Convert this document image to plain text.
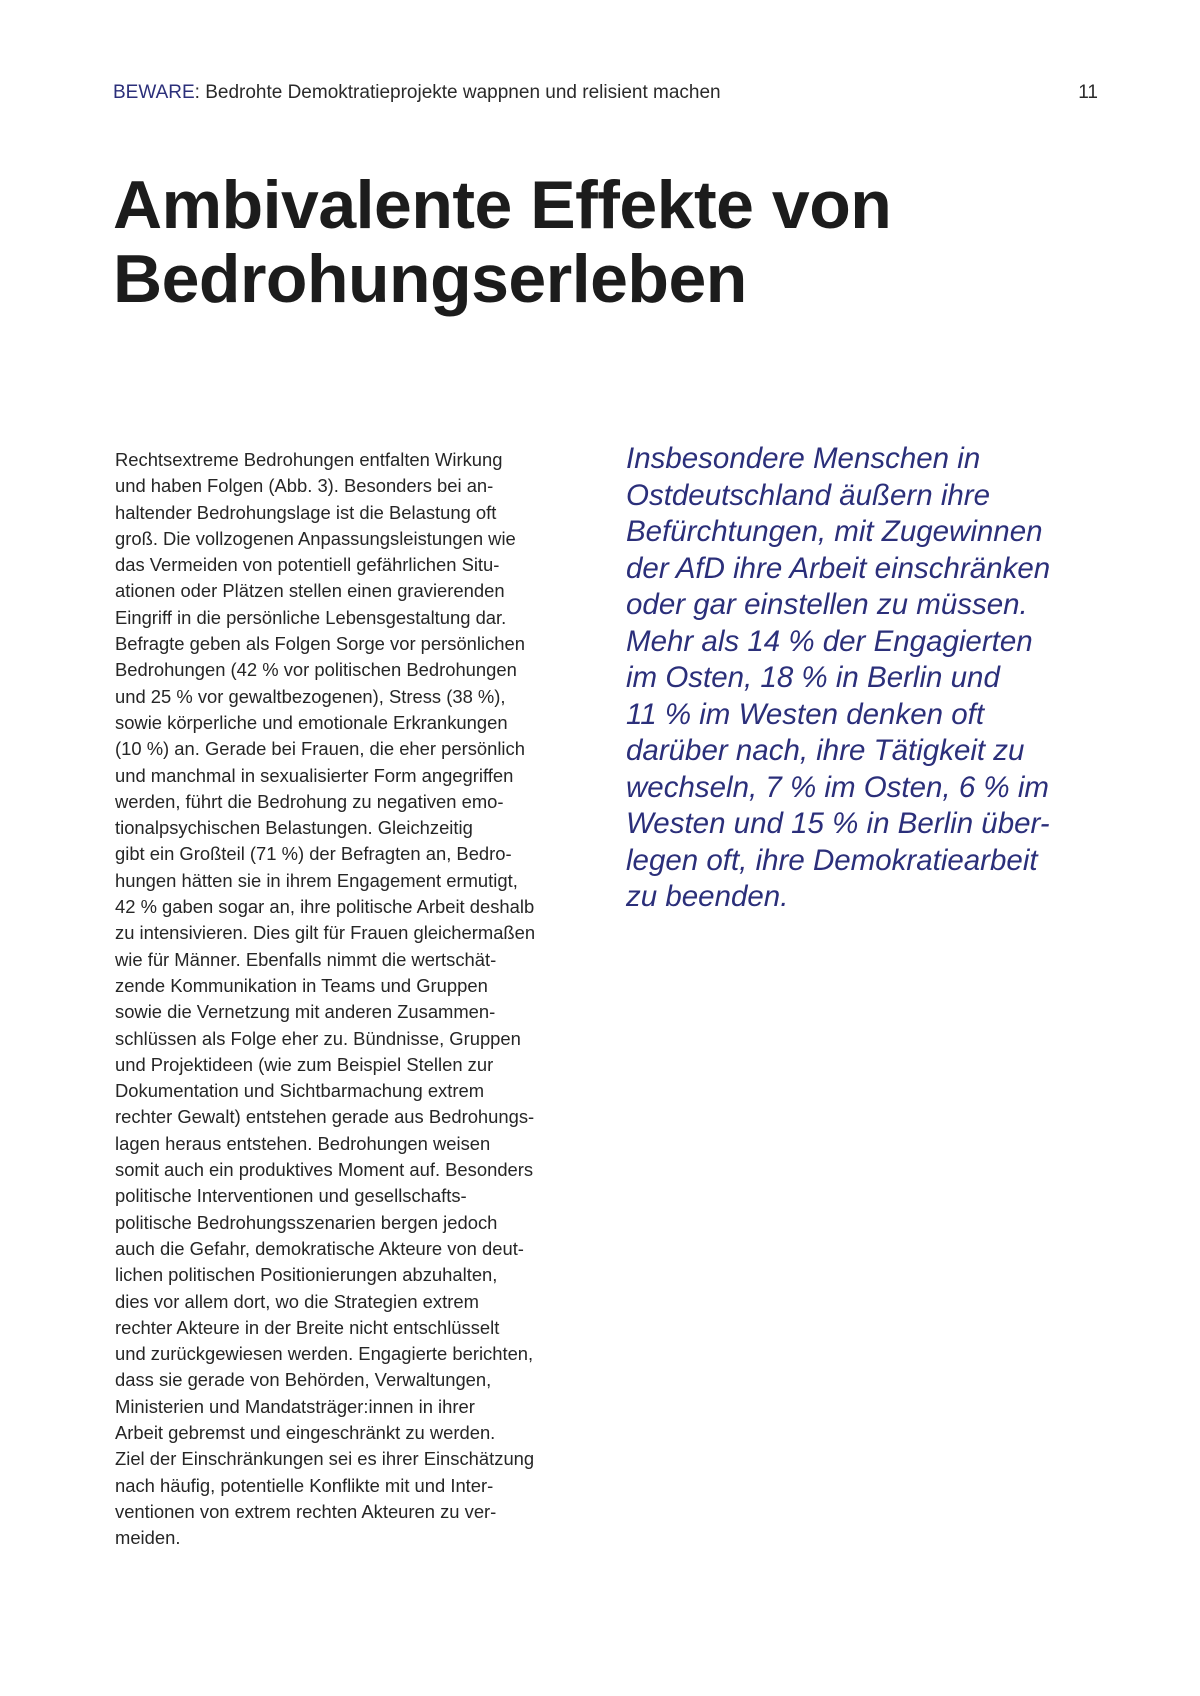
BEWARE: Bedrohte Demoktratieprojekte wappnen und relisient machen	11
Ambivalente Effekte von
Bedrohungserleben
Rechtsextreme Bedrohungen entfalten Wirkung
und haben Folgen (Abb. 3). Besonders bei an-
haltender Bedrohungslage ist die Belastung oft
groß. Die vollzogenen Anpassungsleistungen wie
das Vermeiden von potentiell gefährlichen Situ-
ationen oder Plätzen stellen einen gravierenden
Eingriff in die persönliche Lebensgestaltung dar.
Befragte geben als Folgen Sorge vor persönlichen
Bedrohungen (42 % vor politischen Bedrohungen
und 25 % vor gewaltbezogenen), Stress (38 %),
sowie körperliche und emotionale Erkrankungen
(10 %) an. Gerade bei Frauen, die eher persönlich
und manchmal in sexualisierter Form angegriffen
werden, führt die Bedrohung zu negativen emo-
tionalpsychischen Belastungen. Gleichzeitig
gibt ein Großteil (71 %) der Befragten an, Bedro-
hungen hätten sie in ihrem Engagement ermutigt,
42 % gaben sogar an, ihre politische Arbeit deshalb
zu intensivieren. Dies gilt für Frauen gleichermaßen
wie für Männer. Ebenfalls nimmt die wertschät-
zende Kommunikation in Teams und Gruppen
sowie die Vernetzung mit anderen Zusammen-
schlüssen als Folge eher zu. Bündnisse, Gruppen
und Projektideen (wie zum Beispiel Stellen zur
Dokumentation und Sichtbarmachung extrem
rechter Gewalt) entstehen gerade aus Bedrohungs-
lagen heraus entstehen. Bedrohungen weisen
somit auch ein produktives Moment auf. Besonders
politische Interventionen und gesellschafts-
politische Bedrohungsszenarien bergen jedoch
auch die Gefahr, demokratische Akteure von deut-
lichen politischen Positionierungen abzuhalten,
dies vor allem dort, wo die Strategien extrem
rechter Akteure in der Breite nicht entschlüsselt
und zurückgewiesen werden. Engagierte berichten,
dass sie gerade von Behörden, Verwaltungen,
Ministerien und Mandatsträger:innen in ihrer
Arbeit gebremst und eingeschränkt zu werden.
Ziel der Einschränkungen sei es ihrer Einschätzung
nach häufig, potentielle Konflikte mit und Inter-
ventionen von extrem rechten Akteuren zu ver-
meiden.
Insbesondere Menschen in
Ostdeutschland äußern ihre
Befürchtungen, mit Zugewinnen
der AfD ihre Arbeit einschränken
oder gar einstellen zu müssen.
Mehr als 14 % der Engagierten
im Osten, 18 % in Berlin und
11 % im Westen denken oft
darüber nach, ihre Tätigkeit zu
wechseln, 7 % im Osten, 6 % im
Westen und 15 % in Berlin über-
legen oft, ihre Demokratiearbeit
zu beenden.
